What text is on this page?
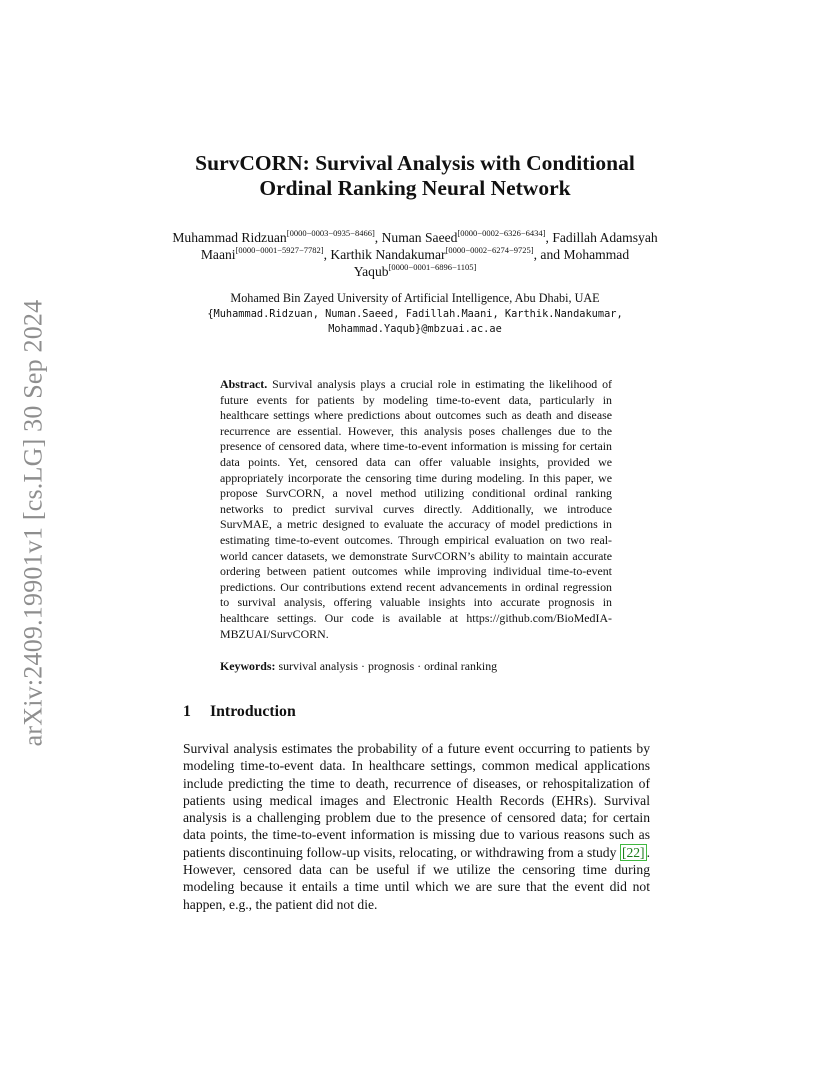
arXiv:2409.19901v1 [cs.LG] 30 Sep 2024
SurvCORN: Survival Analysis with Conditional
Ordinal Ranking Neural Network
Muhammad Ridzuan[0000−0003−0935−8466], Numan Saeed[0000−0002−6326−6434], Fadillah Adamsyah Maani[0000−0001−5927−7782], Karthik Nandakumar[0000−0002−6274−9725], and Mohammad Yaqub[0000−0001−6896−1105]
Mohamed Bin Zayed University of Artificial Intelligence, Abu Dhabi, UAE
{Muhammad.Ridzuan, Numan.Saeed, Fadillah.Maani, Karthik.Nandakumar,
Mohammad.Yaqub}@mbzuai.ac.ae
Abstract. Survival analysis plays a crucial role in estimating the likelihood of future events for patients by modeling time-to-event data, particularly in healthcare settings where predictions about outcomes such as death and disease recurrence are essential. However, this analysis poses challenges due to the presence of censored data, where time-to-event information is missing for certain data points. Yet, censored data can offer valuable insights, provided we appropriately incorporate the censoring time during modeling. In this paper, we propose SurvCORN, a novel method utilizing conditional ordinal ranking networks to predict survival curves directly. Additionally, we introduce SurvMAE, a metric designed to evaluate the accuracy of model predictions in estimating time-to-event outcomes. Through empirical evaluation on two real-world cancer datasets, we demonstrate SurvCORN’s ability to maintain accurate ordering between patient outcomes while improving individual time-to-event predictions. Our contributions extend recent advancements in ordinal regression to survival analysis, offering valuable insights into accurate prognosis in healthcare settings. Our code is available at https://github.com/BioMedIA-MBZUAI/SurvCORN.
Keywords: survival analysis · prognosis · ordinal ranking
1 Introduction
Survival analysis estimates the probability of a future event occurring to patients by modeling time-to-event data. In healthcare settings, common medical applications include predicting the time to death, recurrence of diseases, or rehospitalization of patients using medical images and Electronic Health Records (EHRs). Survival analysis is a challenging problem due to the presence of censored data; for certain data points, the time-to-event information is missing due to various reasons such as patients discontinuing follow-up visits, relocating, or withdrawing from a study [22] . However, censored data can be useful if we utilize the censoring time during modeling because it entails a time until which we are sure that the event did not happen, e.g., the patient did not die.
